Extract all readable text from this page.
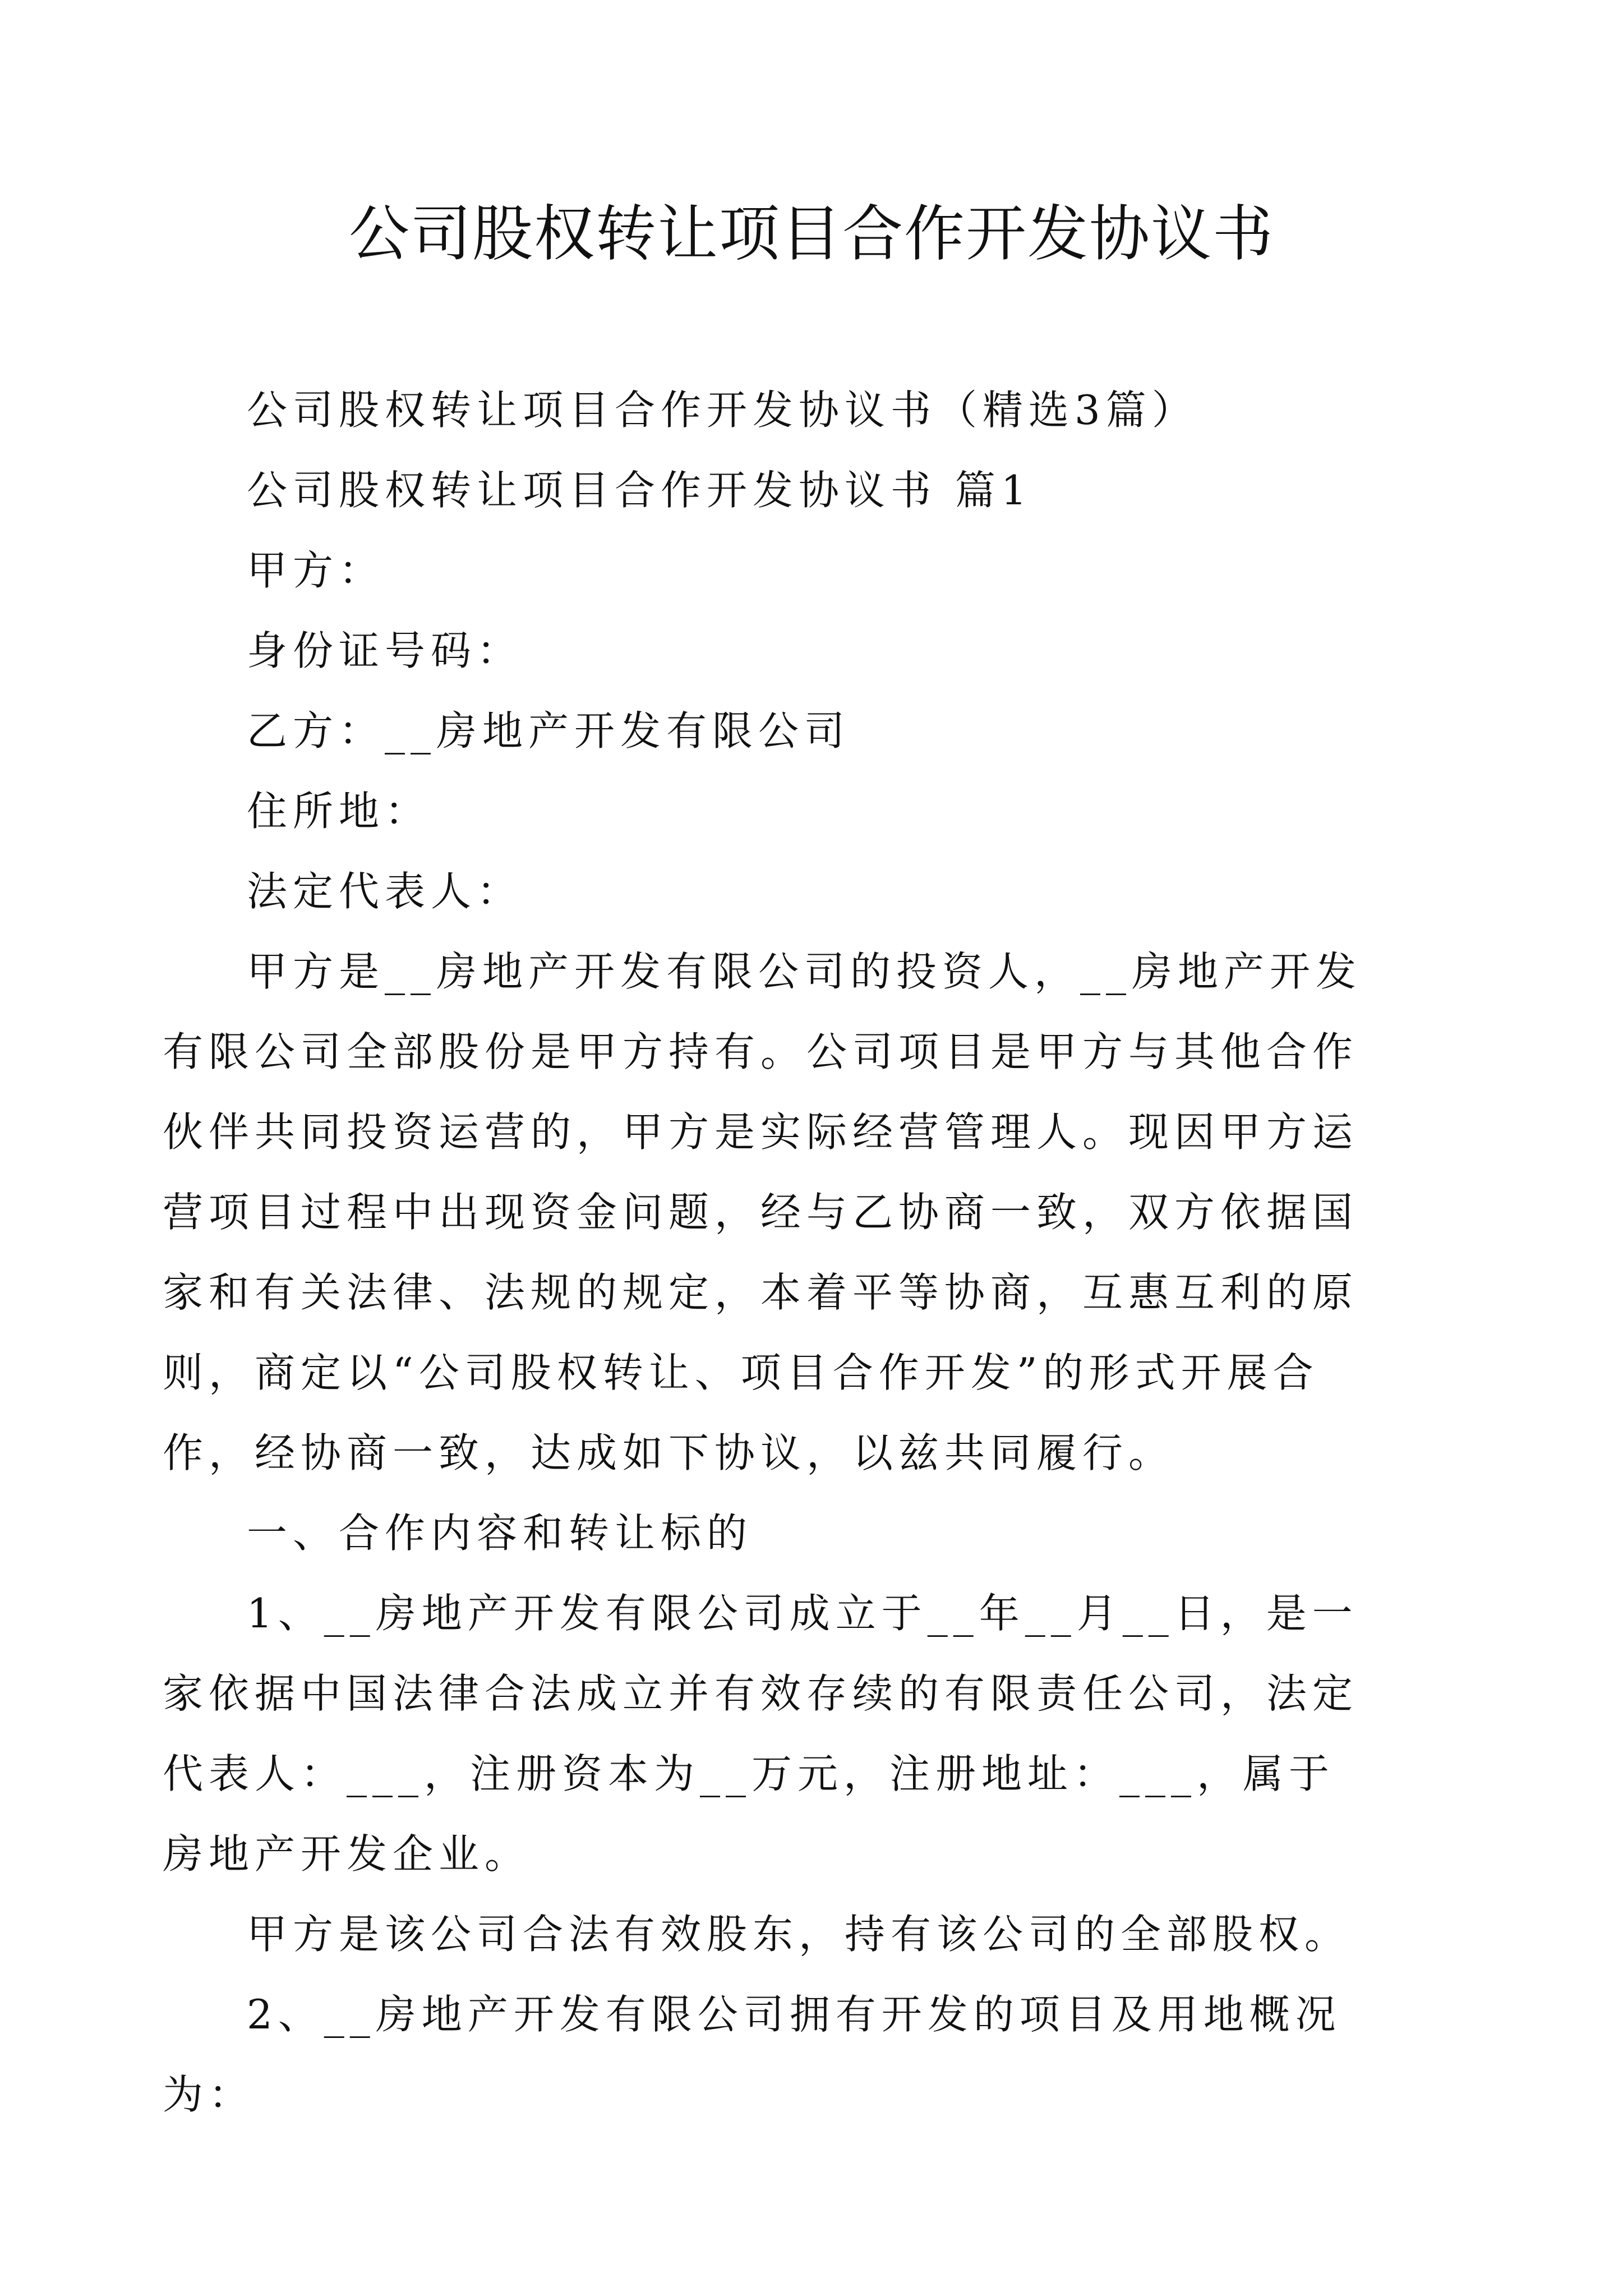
公司股权转让项目合作开发协议书

公司股权转让项目合作开发协议书（精选3篇）

公司股权转让项目合作开发协议书 篇1

甲方：

身份证号码：

乙方：__房地产开发有限公司

住所地：

法定代表人：

甲方是__房地产开发有限公司的投资人，__房地产开发有限公司全部股份是甲方持有。公司项目是甲方与其他合作伙伴共同投资运营的，甲方是实际经营管理人。现因甲方运营项目过程中出现资金问题，经与乙协商一致，双方依据国家和有关法律、法规的规定，本着平等协商，互惠互利的原则，商定以“公司股权转让、项目合作开发”的形式开展合作，经协商一致，达成如下协议，以兹共同履行。

一、合作内容和转让标的

1、__房地产开发有限公司成立于__年__月__日，是一家依据中国法律合法成立并有效存续的有限责任公司，法定代表人：___，注册资本为__万元，注册地址：___，属于房地产开发企业。

甲方是该公司合法有效股东，持有该公司的全部股权。

2、__房地产开发有限公司拥有开发的项目及用地概况为：
